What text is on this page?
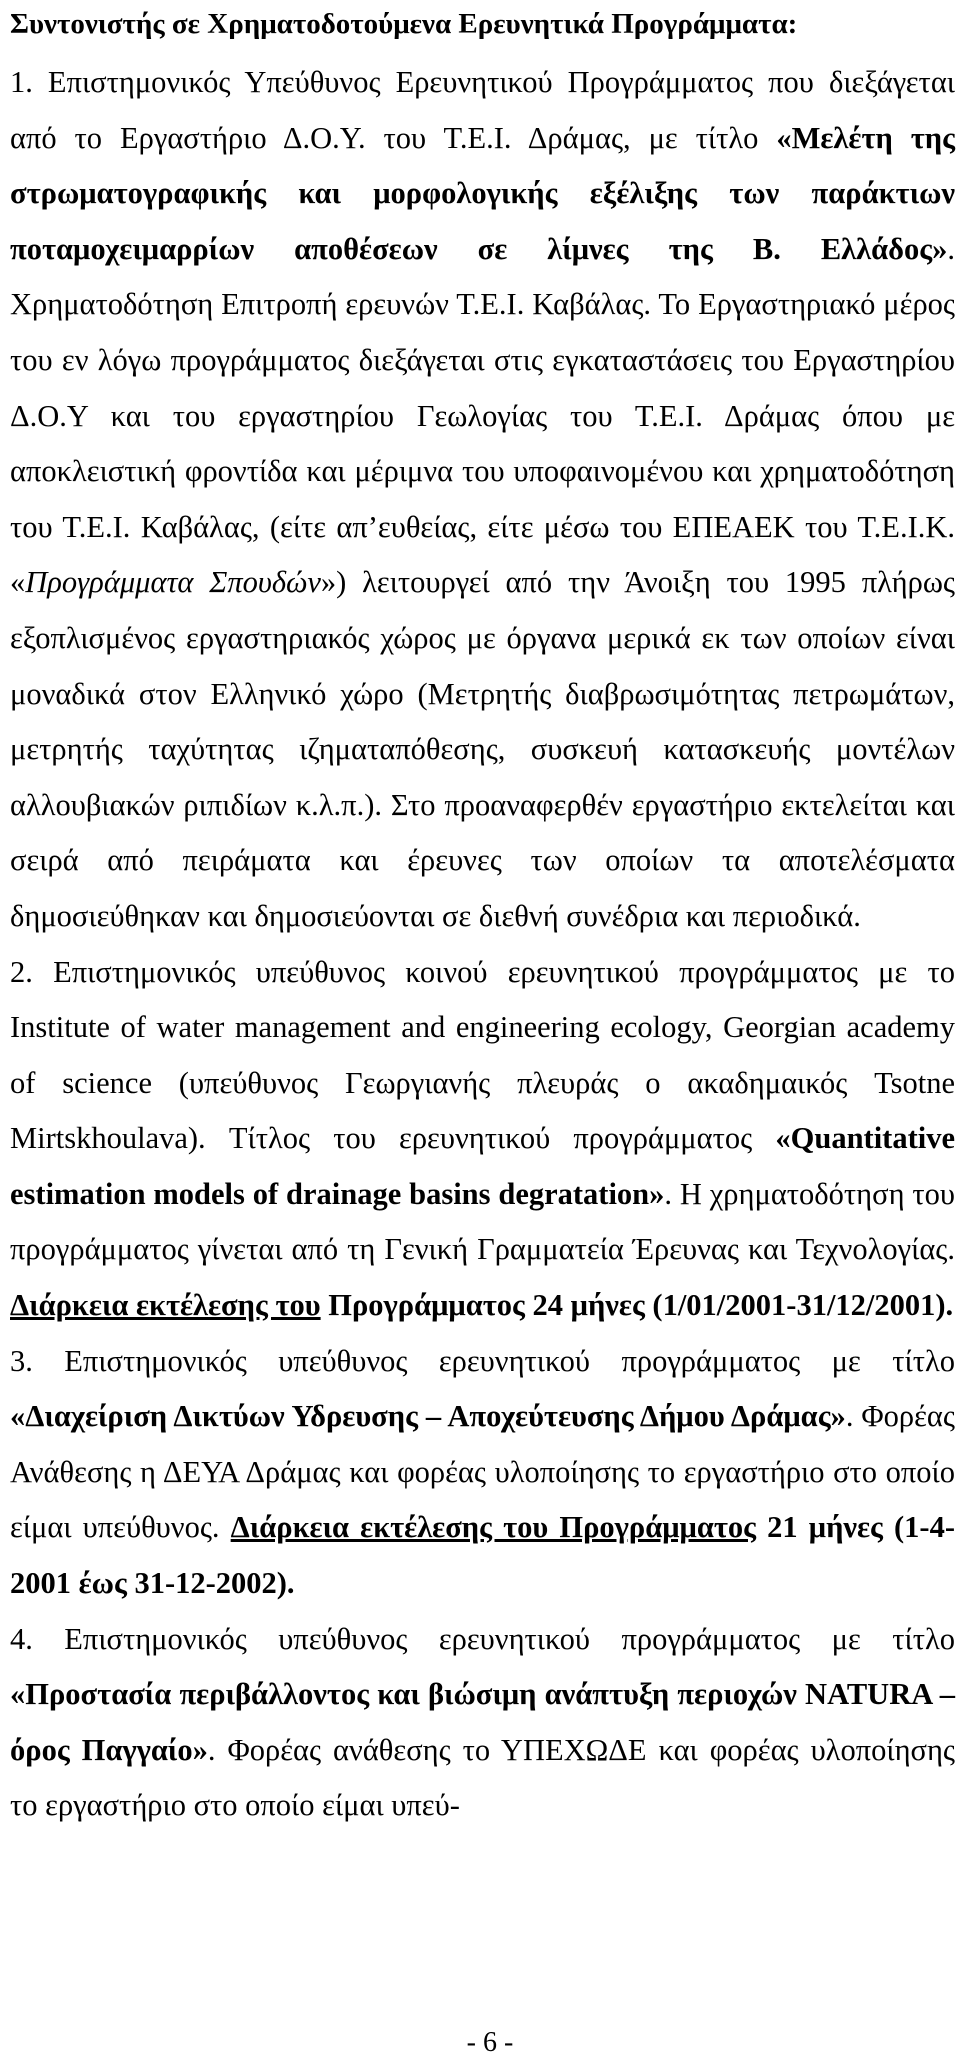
Συντονιστής σε Χρηματοδοτούμενα Ερευνητικά Προγράμματα:

1. Επιστημονικός Υπεύθυνος Ερευνητικού Προγράμματος που διεξάγεται από το Εργαστήριο Δ.Ο.Υ. του Τ.Ε.Ι. Δράμας, με τίτλο «Μελέτη της στρωματογραφικής και μορφολογικής εξέλιξης των παράκτιων ποταμοχειμαρρίων αποθέσεων σε λίμνες της Β. Ελλάδος». Χρηματοδότηση Επιτροπή ερευνών Τ.Ε.Ι. Καβάλας. Το Εργαστηριακό μέρος του εν λόγω προγράμματος διεξάγεται στις εγκαταστάσεις του Εργαστηρίου Δ.Ο.Υ και του εργαστηρίου Γεωλογίας του Τ.Ε.Ι. Δράμας όπου με αποκλειστική φροντίδα και μέριμνα του υποφαινομένου και χρηματοδότηση του Τ.Ε.Ι. Καβάλας, (είτε απ’ευθείας, είτε μέσω του ΕΠΕΑΕΚ του Τ.Ε.Ι.Κ. «Προγράμματα Σπουδών») λειτουργεί από την Άνοιξη του 1995 πλήρως εξοπλισμένος εργαστηριακός χώρος με όργανα μερικά εκ των οποίων είναι μοναδικά στον Ελληνικό χώρο (Μετρητής διαβρωσιμότητας πετρωμάτων, μετρητής ταχύτητας ιζηματαπόθεσης, συσκευή κατασκευής μοντέλων αλλουβιακών ριπιδίων κ.λ.π.). Στο προαναφερθέν εργαστήριο εκτελείται και σειρά από πειράματα και έρευνες των οποίων τα αποτελέσματα δημοσιεύθηκαν και δημοσιεύονται σε διεθνή συνέδρια και περιοδικά.

2. Επιστημονικός υπεύθυνος κοινού ερευνητικού προγράμματος με το Institute of water management and engineering ecology, Georgian academy of science (υπεύθυνος Γεωργιανής πλευράς ο ακαδημαικός Tsotne Mirtskhoulava). Τίτλος του ερευνητικού προγράμματος «Quantitative estimation models of drainage basins degratation». Η χρηματοδότηση του προγράμματος γίνεται από τη Γενική Γραμματεία Έρευνας και Τεχνολογίας. Διάρκεια εκτέλεσης του Προγράμματος 24 μήνες (1/01/2001-31/12/2001).

3. Επιστημονικός υπεύθυνος ερευνητικού προγράμματος με τίτλο «Διαχείριση Δικτύων Υδρευσης – Αποχεύτευσης Δήμου Δράμας». Φορέας Ανάθεσης η ΔΕΥΑ Δράμας και φορέας υλοποίησης το εργαστήριο στο οποίο είμαι υπεύθυνος. Διάρκεια εκτέλεσης του Προγράμματος 21 μήνες (1-4-2001 έως 31-12-2002).

4. Επιστημονικός υπεύθυνος ερευνητικού προγράμματος με τίτλο «Προστασία περιβάλλοντος και βιώσιμη ανάπτυξη περιοχών NATURA – όρος Παγγαίο». Φορέας ανάθεσης το ΥΠΕΧΩΔΕ και φορέας υλοποίησης το εργαστήριο στο οποίο είμαι υπεύ-

- 6 -
